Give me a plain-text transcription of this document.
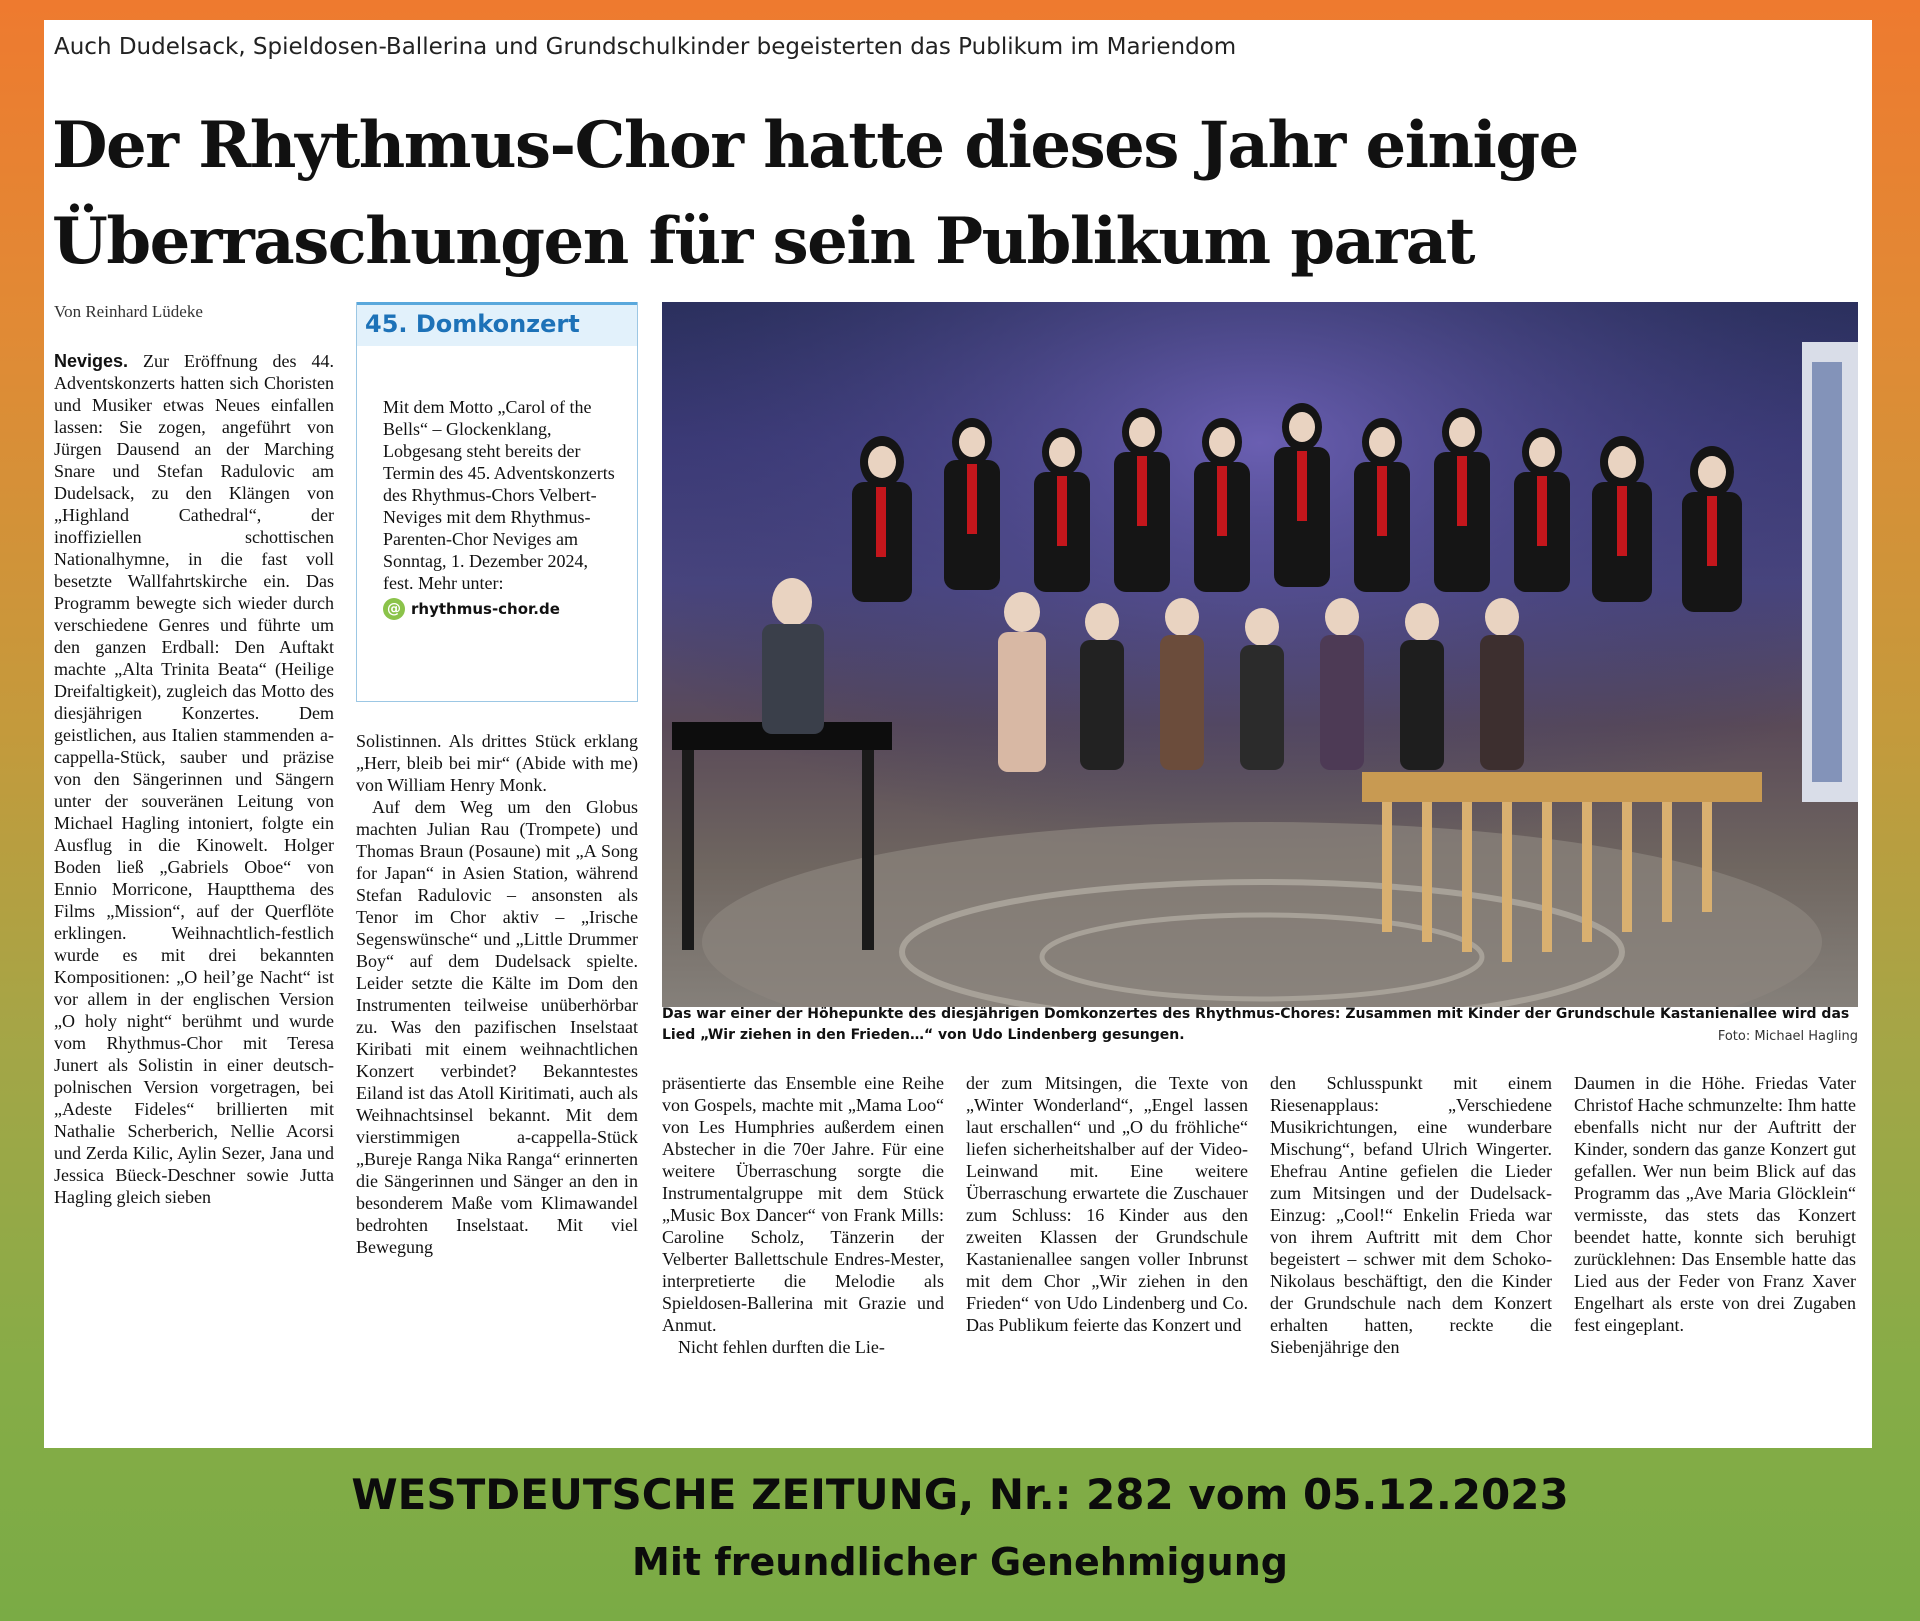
Auch Dudelsack, Spieldosen-Ballerina und Grundschulkinder begeisterten das Publikum im Mariendom
Der Rhythmus-Chor hatte dieses Jahr einige
Überraschungen für sein Publikum parat
Von Reinhard Lüdeke

Neviges. Zur Eröffnung des 44. Adventskonzerts hatten sich Choristen und Musiker etwas Neues einfallen lassen: Sie zogen, angeführt von Jürgen Dausend an der Marching Snare und Stefan Radulovic am Dudelsack, zu den Klängen von „Highland Cathedral“, der inoffiziellen schottischen Nationalhymne, in die fast voll besetzte Wallfahrtskirche ein. Das Programm bewegte sich wieder durch verschiedene Genres und führte um den ganzen Erdball: Den Auftakt machte „Alta Trinita Beata“ (Heilige Dreifaltigkeit), zugleich das Motto des diesjährigen Konzertes. Dem geistlichen, aus Italien stammenden a-cappella-Stück, sauber und präzise von den Sängerinnen und Sängern unter der souveränen Leitung von Michael Hagling intoniert, folgte ein Ausflug in die Kinowelt. Holger Boden ließ „Gabriels Oboe“ von Ennio Morricone, Hauptthema des Films „Mission“, auf der Querflöte erklingen. Weihnachtlich-festlich wurde es mit drei bekannten Kompositionen: „O heil’ge Nacht“ ist vor allem in der englischen Version „O holy night“ berühmt und wurde vom Rhythmus-Chor mit Teresa Junert als Solistin in einer deutsch-polnischen Version vorgetragen, bei „Adeste Fideles“ brillierten mit Nathalie Scherberich, Nellie Acorsi und Zerda Kilic, Aylin Sezer, Jana und Jessica Büeck-Deschner sowie Jutta Hagling gleich sieben

45. Domkonzert
Mit dem Motto „Carol of the Bells“ – Glockenklang, Lobgesang steht bereits der Termin des 45. Adventskonzerts des Rhythmus-Chors Velbert-Neviges mit dem Rhythmus-Parenten-Chor Neviges am Sonntag, 1. Dezember 2024, fest. Mehr unter:
@ rhythmus-chor.de

Solistinnen. Als drittes Stück erklang „Herr, bleib bei mir“ (Abide with me) von William Henry Monk.

Auf dem Weg um den Globus machten Julian Rau (Trompete) und Thomas Braun (Posaune) mit „A Song for Japan“ in Asien Station, während Stefan Radulovic – ansonsten als Tenor im Chor aktiv – „Irische Segenswünsche“ und „Little Drummer Boy“ auf dem Dudelsack spielte. Leider setzte die Kälte im Dom den Instrumenten teilweise unüberhörbar zu. Was den pazifischen Inselstaat Kiribati mit einem weihnachtlichen Konzert verbindet? Bekanntestes Eiland ist das Atoll Kiritimati, auch als Weihnachtsinsel bekannt. Mit dem vierstimmigen a-cappella-Stück „Bureje Ranga Nika Ranga“ erinnerten die Sängerinnen und Sänger an den in besonderem Maße vom Klimawandel bedrohten Inselstaat. Mit viel Bewegung

Das war einer der Höhepunkte des diesjährigen Domkonzertes des Rhythmus-Chores: Zusammen mit Kinder der Grundschule Kastanienallee wird das Lied „Wir ziehen in den Frieden…“ von Udo Lindenberg gesungen.	Foto: Michael Hagling

präsentierte das Ensemble eine Reihe von Gospels, machte mit „Mama Loo“ von Les Humphries außerdem einen Abstecher in die 70er Jahre. Für eine weitere Überraschung sorgte die Instrumentalgruppe mit dem Stück „Music Box Dancer“ von Frank Mills: Caroline Scholz, Tänzerin der Velberter Ballettschule Endres-Mester, interpretierte die Melodie als Spieldosen-Ballerina mit Grazie und Anmut.

Nicht fehlen durften die Lie-

der zum Mitsingen, die Texte von „Winter Wonderland“, „Engel lassen laut erschallen“ und „O du fröhliche“ liefen sicherheitshalber auf der Video-Leinwand mit. Eine weitere Überraschung erwartete die Zuschauer zum Schluss: 16 Kinder aus den zweiten Klassen der Grundschule Kastanienallee sangen voller Inbrunst mit dem Chor „Wir ziehen in den Frieden“ von Udo Lindenberg und Co. Das Publikum feierte das Konzert und

den Schlusspunkt mit einem Riesenapplaus: „Verschiedene Musikrichtungen, eine wunderbare Mischung“, befand Ulrich Wingerter. Ehefrau Antine gefielen die Lieder zum Mitsingen und der Dudelsack-Einzug: „Cool!“ Enkelin Frieda war von ihrem Auftritt mit dem Chor begeistert – schwer mit dem Schoko-Nikolaus beschäftigt, den die Kinder der Grundschule nach dem Konzert erhalten hatten, reckte die Siebenjährige den

Daumen in die Höhe. Friedas Vater Christof Hache schmunzelte: Ihm hatte ebenfalls nicht nur der Auftritt der Kinder, sondern das ganze Konzert gut gefallen. Wer nun beim Blick auf das Programm das „Ave Maria Glöcklein“ vermisste, das stets das Konzert beendet hatte, konnte sich beruhigt zurücklehnen: Das Ensemble hatte das Lied aus der Feder von Franz Xaver Engelhart als erste von drei Zugaben fest eingeplant.

WESTDEUTSCHE ZEITUNG, Nr.: 282 vom 05.12.2023
Mit freundlicher Genehmigung
